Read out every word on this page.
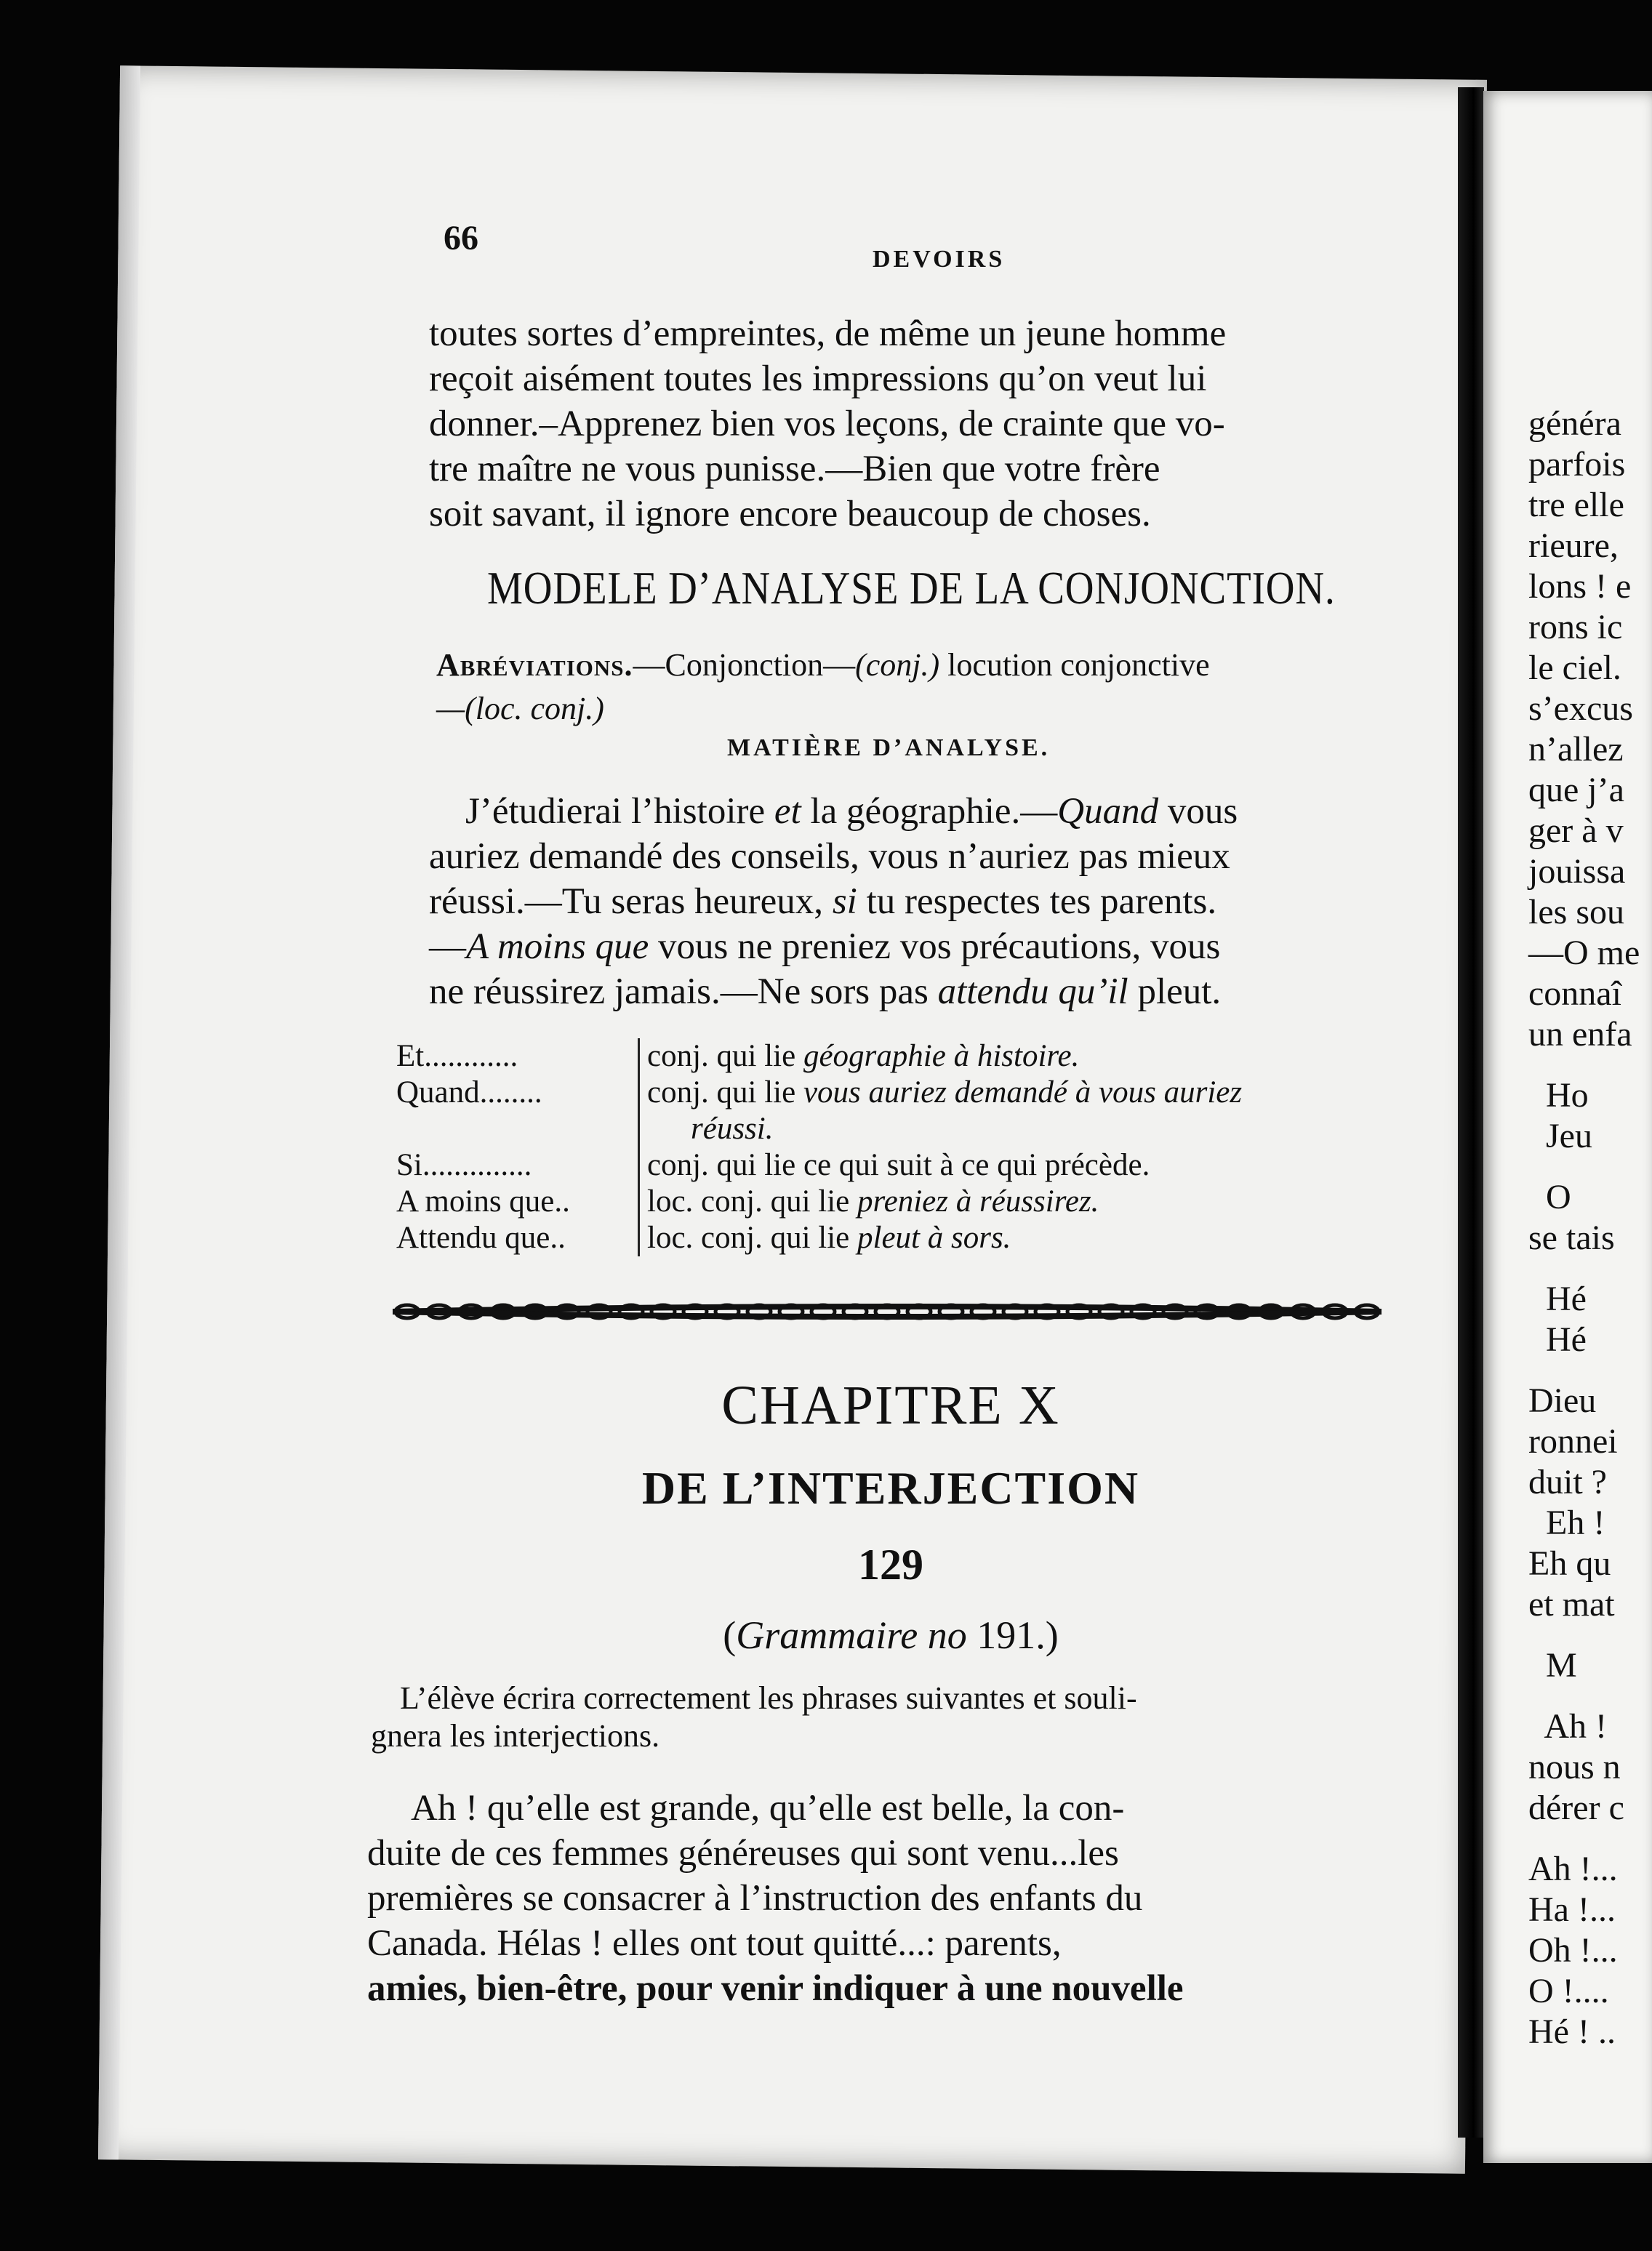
généra
parfois
tre elle
rieure,
lons ! e
rons ic
le ciel.
s’excus
n’allez
que j’a
ger à v
jouissa
les sou
—O me
connaî
un enfa
Ho
Jeu
O
se tais
Hé
Hé
Dieu
ronnei
duit ?
Eh !
Eh qu
et mat
M
Ah !
nous n
dérer c
Ah !...
Ha !...
Oh !...
O !....
Hé ! ..
66
DEVOIRS
toutes sortes d’empreintes, de même un jeune homme
reçoit aisément toutes les impressions qu’on veut lui
donner.–Apprenez bien vos leçons, de crainte que vo-
tre maître ne vous punisse.—Bien que votre frère
soit savant, il ignore encore beaucoup de choses.
MODELE D’ANALYSE DE LA CONJONCTION.
Abréviations.—Conjonction—(conj.) locution conjonctive
—(loc. conj.)
MATIÈRE D’ANALYSE.
J’étudierai l’histoire et la géographie.—Quand vous
auriez demandé des conseils, vous n’auriez pas mieux
réussi.—Tu seras heureux, si tu respectes tes parents.
—A moins que vous ne preniez vos précautions, vous
ne réussirez jamais.—Ne sors pas attendu qu’il pleut.
Et............	conj. qui lie géographie à histoire.
Quand........	conj. qui lie vous auriez demandé à vous auriez
réussi.
Si..............	conj. qui lie ce qui suit à ce qui précède.
A moins que..	loc. conj. qui lie preniez à réussirez.
Attendu que..	loc. conj. qui lie pleut à sors.
CHAPITRE X
DE L’INTERJECTION
129
(Grammaire no 191.)
L’élève écrira correctement les phrases suivantes et souli-
gnera les interjections.
Ah ! qu’elle est grande, qu’elle est belle, la con-
duite de ces femmes généreuses qui sont venu...les
premières se consacrer à l’instruction des enfants du
Canada. Hélas ! elles ont tout quitté...: parents,
amies, bien-être, pour venir indiquer à une nouvelle
